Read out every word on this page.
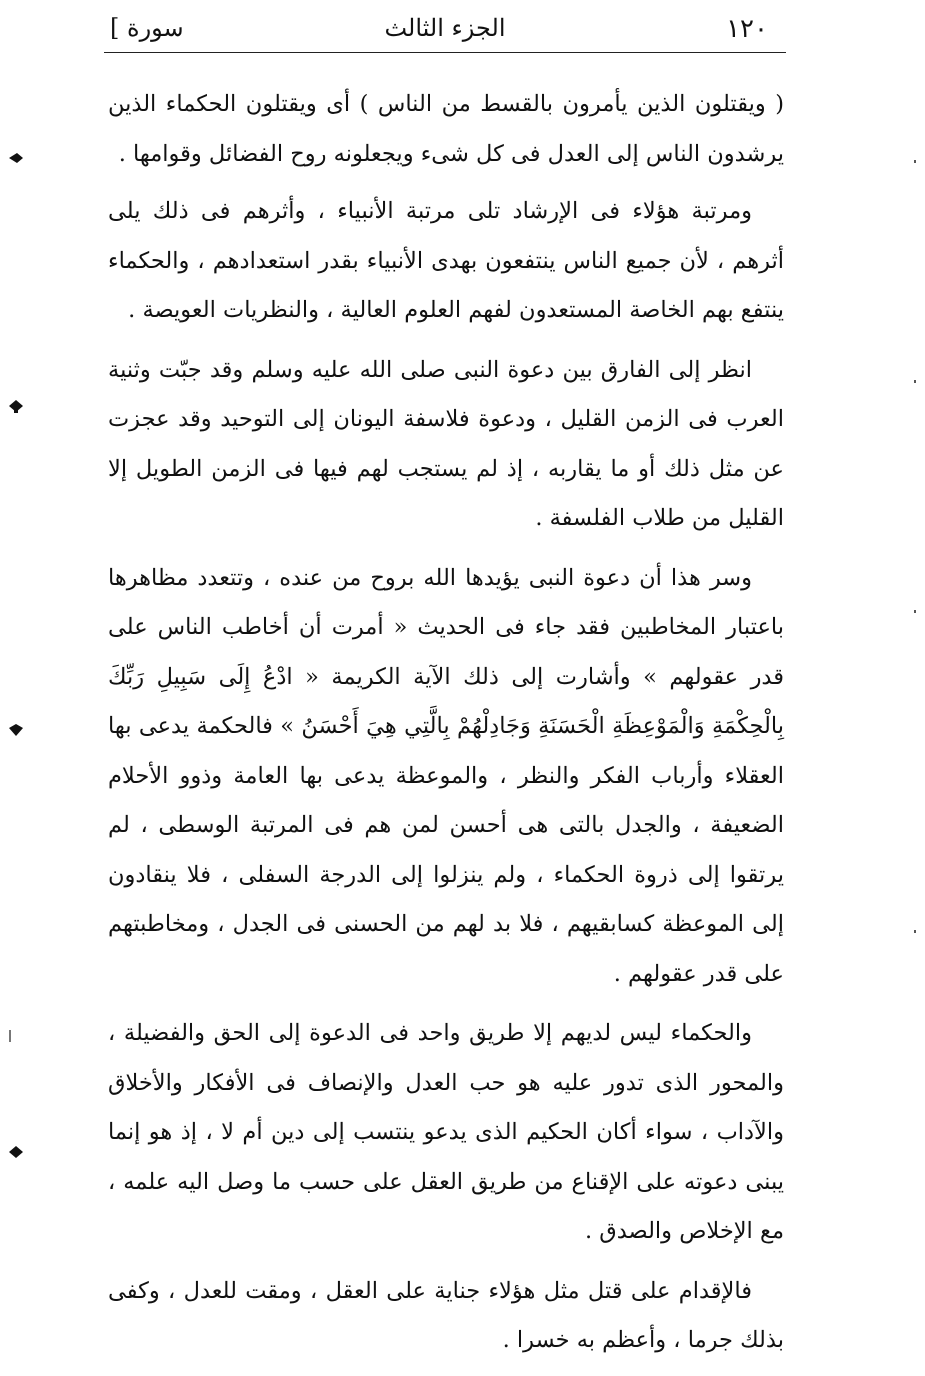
١٢٠
الجزء الثالث
سورة ]

( ويقتلون الذين يأمرون بالقسط من الناس ) أى ويقتلون الحكماء الذين يرشدون الناس إلى العدل فى كل شىء ويجعلونه روح الفضائل وقوامها .

ومرتبة هؤلاء فى الإرشاد تلى مرتبة الأنبياء ، وأثرهم فى ذلك يلى أثرهم ، لأن جميع الناس ينتفعون بهدى الأنبياء بقدر استعدادهم ، والحكماء ينتفع بهم الخاصة المستعدون لفهم العلوم العالية ، والنظريات العويصة .

انظر إلى الفارق بين دعوة النبى صلى الله عليه وسلم وقد جبّت وثنية العرب فى الزمن القليل ، ودعوة فلاسفة اليونان إلى التوحيد وقد عجزت عن مثل ذلك أو ما يقاربه ، إذ لم يستجب لهم فيها فى الزمن الطويل إلا القليل من طلاب الفلسفة .

وسر هذا أن دعوة النبى يؤيدها الله بروح من عنده ، وتتعدد مظاهرها باعتبار المخاطبين فقد جاء فى الحديث « أمرت أن أخاطب الناس على قدر عقولهم » وأشارت إلى ذلك الآية الكريمة « ادْعُ إِلَى سَبِيلِ رَبِّكَ بِالْحِكْمَةِ وَالْمَوْعِظَةِ الْحَسَنَةِ وَجَادِلْهُمْ بِالَّتِي هِيَ أَحْسَنُ » فالحكمة يدعى بها العقلاء وأرباب الفكر والنظر ، والموعظة يدعى بها العامة وذوو الأحلام الضعيفة ، والجدل بالتى هى أحسن لمن هم فى المرتبة الوسطى ، لم يرتقوا إلى ذروة الحكماء ، ولم ينزلوا إلى الدرجة السفلى ، فلا ينقادون إلى الموعظة كسابقيهم ، فلا بد لهم من الحسنى فى الجدل ، ومخاطبتهم على قدر عقولهم .

والحكماء ليس لديهم إلا طريق واحد فى الدعوة إلى الحق والفضيلة ، والمحور الذى تدور عليه هو حب العدل والإنصاف فى الأفكار والأخلاق والآداب ، سواء أكان الحكيم الذى يدعو ينتسب إلى دين أم لا ، إذ هو إنما يبنى دعوته على الإقناع من طريق العقل على حسب ما وصل اليه علمه ، مع الإخلاص والصدق .

فالإقدام على قتل مثل هؤلاء جناية على العقل ، ومقت للعدل ، وكفى بذلك جرما ، وأعظم به خسرا .
